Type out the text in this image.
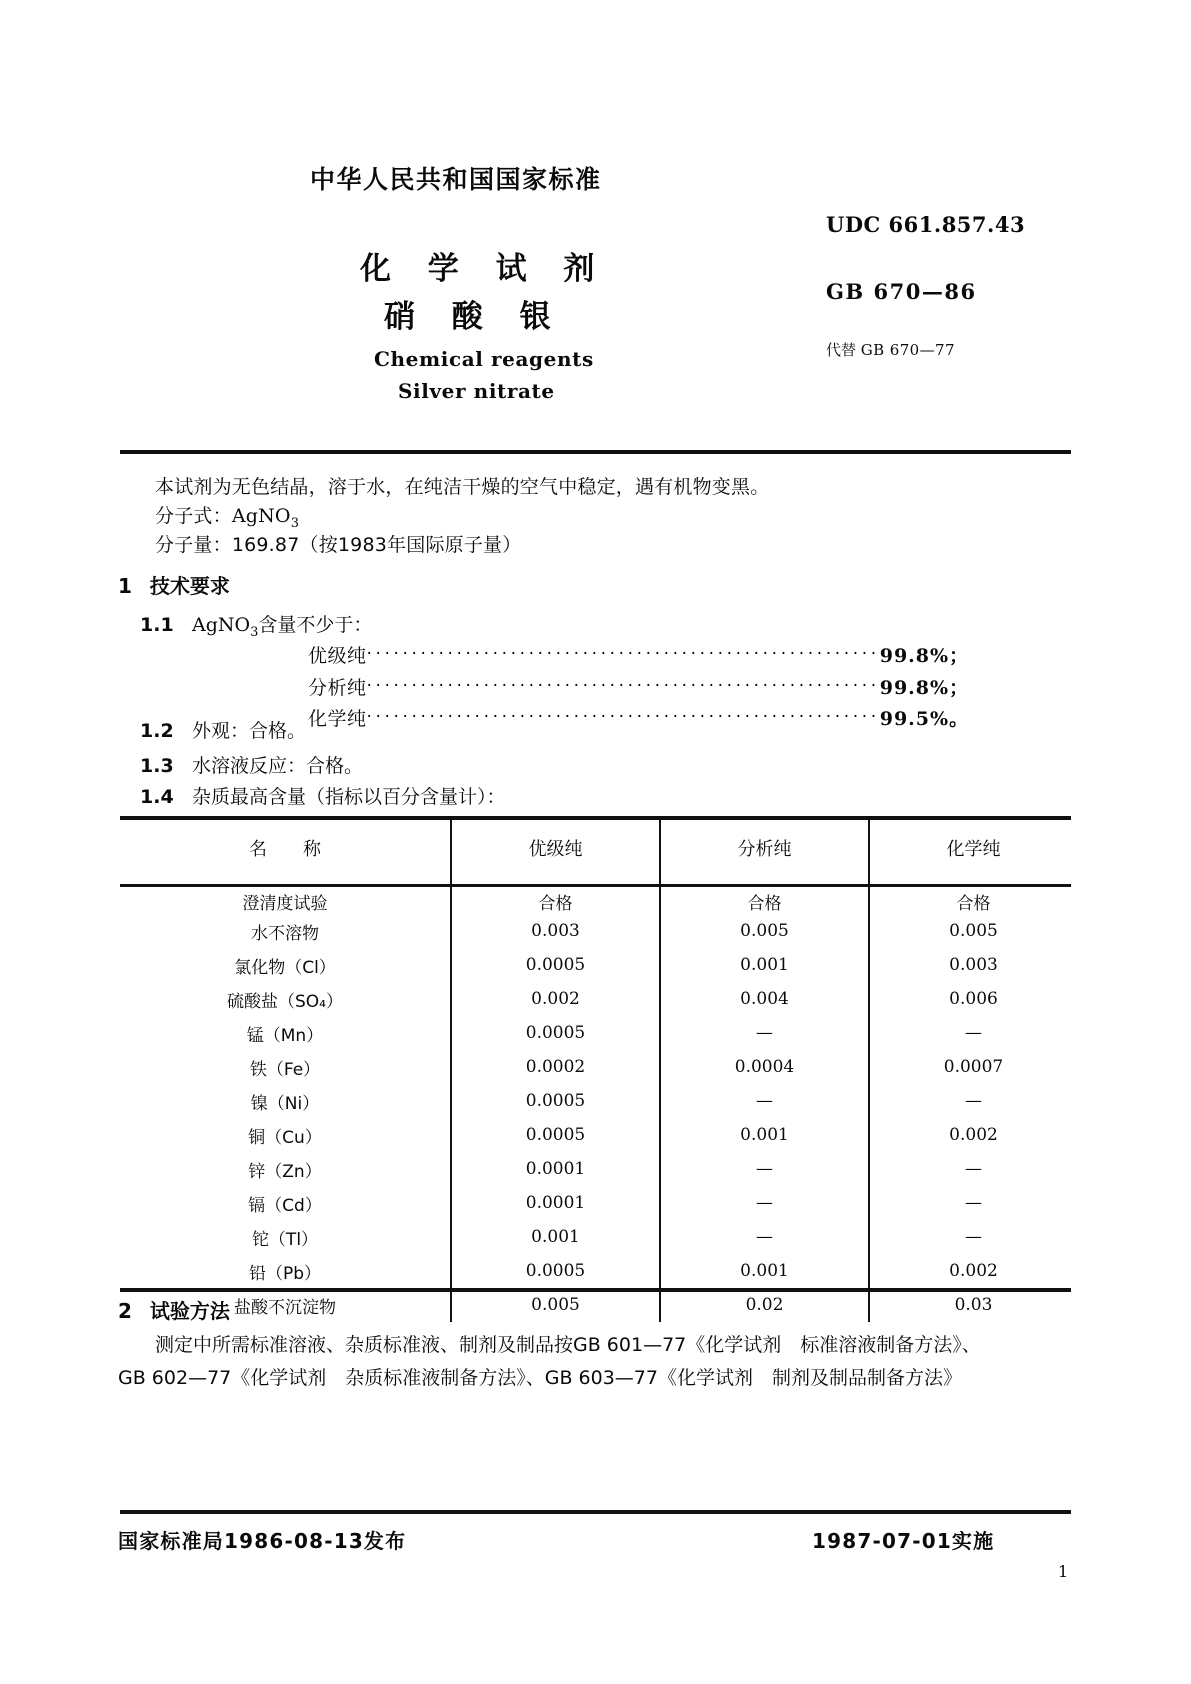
中华人民共和国国家标准
化 学 试 剂
硝 酸 银
Chemical reagents
Silver nitrate
UDC 661.857.43
GB 670—86
代替 GB 670—77
本试剂为无色结晶，溶于水，在纯洁干燥的空气中稳定，遇有机物变黑。
分子式：AgNO$_3$
分子量：169.87（按1983年国际原子量）
1 技术要求
1.1 AgNO$_3$含量不少于：
优级纯·························································99.8%；
分析纯·························································99.8%；
化学纯·························································99.5%。
1.2 外观：合格。
1.3 水溶液反应：合格。
1.4 杂质最高含量（指标以百分含量计）：
名　　称	优级纯	分析纯	化学纯
澄清度试验	合格	合格	合格
水不溶物	0.003	0.005	0.005
氯化物（Cl）	0.0005	0.001	0.003
硫酸盐（SO₄）	0.002	0.004	0.006
锰（Mn）	0.0005	—	—
铁（Fe）	0.0002	0.0004	0.0007
镍（Ni）	0.0005	—	—
铜（Cu）	0.0005	0.001	0.002
锌（Zn）	0.0001	—	—
镉（Cd）	0.0001	—	—
铊（Tl）	0.001	—	—
铅（Pb）	0.0005	0.001	0.002
盐酸不沉淀物	0.005	0.02	0.03
2 试验方法
测定中所需标准溶液、杂质标准液、制剂及制品按GB 601—77《化学试剂　标准溶液制备方法》、
GB 602—77《化学试剂　杂质标准液制备方法》、GB 603—77《化学试剂　制剂及制品制备方法》
国家标准局1986-08-13发布	1987-07-01实施
1
